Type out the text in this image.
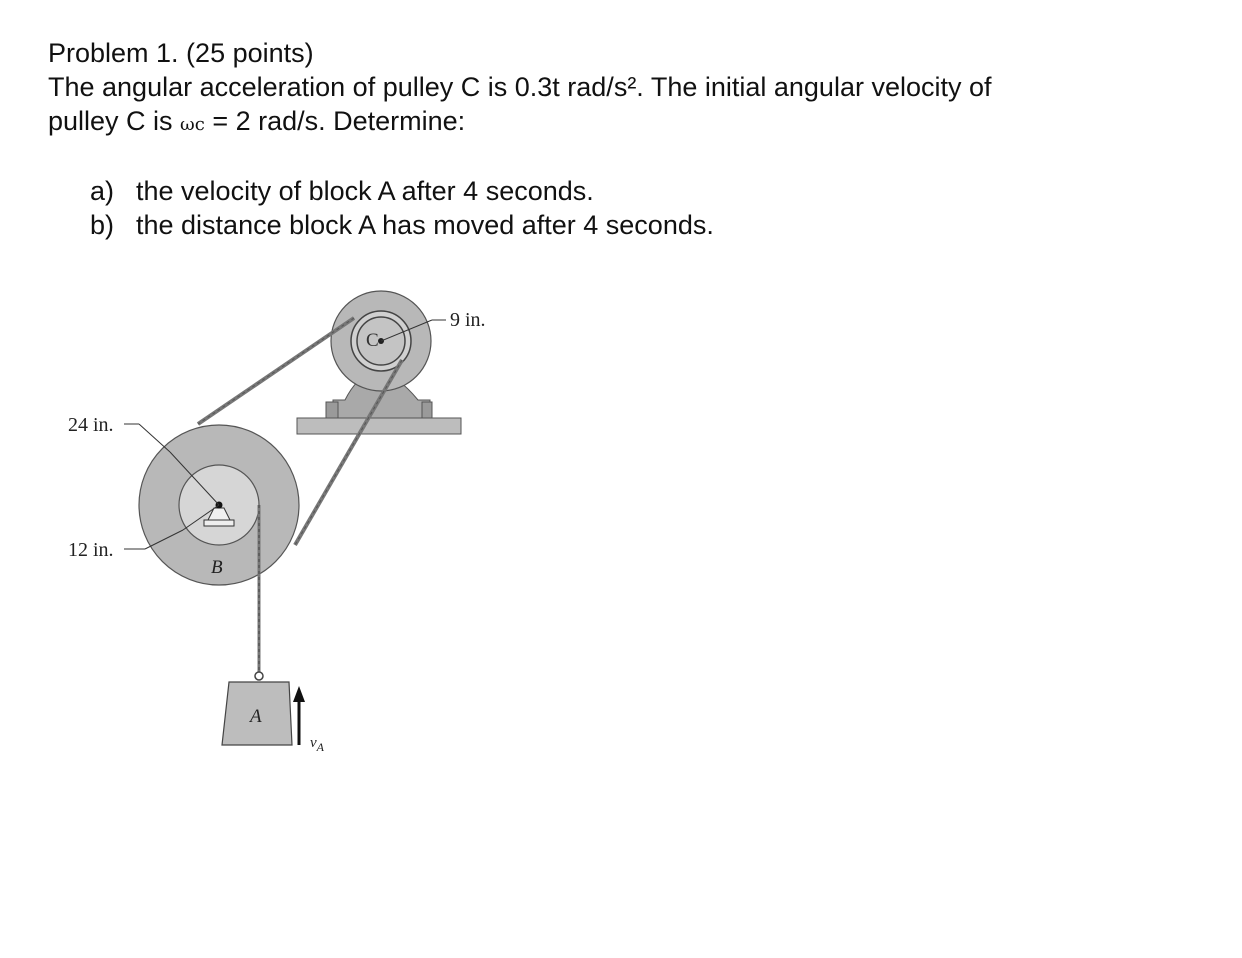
Problem 1. (25 points)
The angular acceleration of pulley C is 0.3t rad/s². The initial angular velocity of
pulley C is ωc = 2 rad/s. Determine:
a) the velocity of block A after 4 seconds.
b) the distance block A has moved after 4 seconds.
C
B
A
$v_A$
9 in.
24 in.
12 in.
